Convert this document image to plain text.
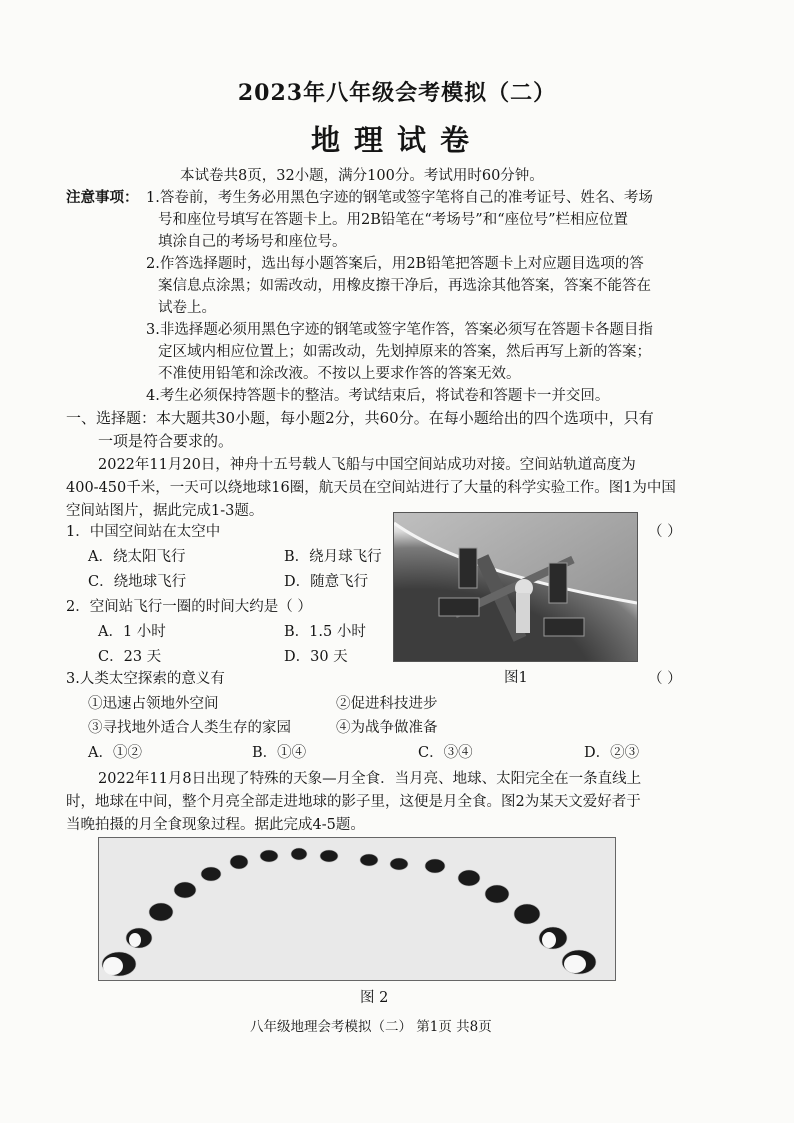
2023年八年级会考模拟（二）
地理试卷
本试卷共8页，32小题，满分100分。考试用时60分钟。
注意事项： 1.答卷前，考生务必用黑色字迹的钢笔或签字笔将自己的准考证号、姓名、考场
号和座位号填写在答题卡上。用2B铅笔在“考场号”和“座位号”栏相应位置
填涂自己的考场号和座位号。
2.作答选择题时，选出每小题答案后，用2B铅笔把答题卡上对应题目选项的答
案信息点涂黑；如需改动，用橡皮擦干净后，再选涂其他答案，答案不能答在
试卷上。
3.非选择题必须用黑色字迹的钢笔或签字笔作答，答案必须写在答题卡各题目指
定区域内相应位置上；如需改动，先划掉原来的答案，然后再写上新的答案；
不准使用铅笔和涂改液。不按以上要求作答的答案无效。
4.考生必须保持答题卡的整洁。考试结束后，将试卷和答题卡一并交回。
一、选择题：本大题共30小题，每小题2分，共60分。在每小题给出的四个选项中，只有
一项是符合要求的。
2022年11月20日，神舟十五号载人飞船与中国空间站成功对接。空间站轨道高度为
400-450千米，一天可以绕地球16圈，航天员在空间站进行了大量的科学实验工作。图1为中国
空间站图片，据此完成1-3题。
1．中国空间站在太空中	（ ）
A．绕太阳飞行	B．绕月球飞行
C．绕地球飞行	D．随意飞行
2．空间站飞行一圈的时间大约是（ ）
A．1 小时	B．1.5 小时
C．23 天	D．30 天
图1
3.人类太空探索的意义有	（ ）
①迅速占领地外空间	②促进科技进步
③寻找地外适合人类生存的家园	④为战争做准备
A．①②	B．①④	C．③④	D．②③
2022年11月8日出现了特殊的天象—月全食．当月亮、地球、太阳完全在一条直线上
时，地球在中间，整个月亮全部走进地球的影子里，这便是月全食。图2为某天文爱好者于
当晚拍摄的月全食现象过程。据此完成4-5题。
图 2
八年级地理会考模拟（二） 第1页 共8页
